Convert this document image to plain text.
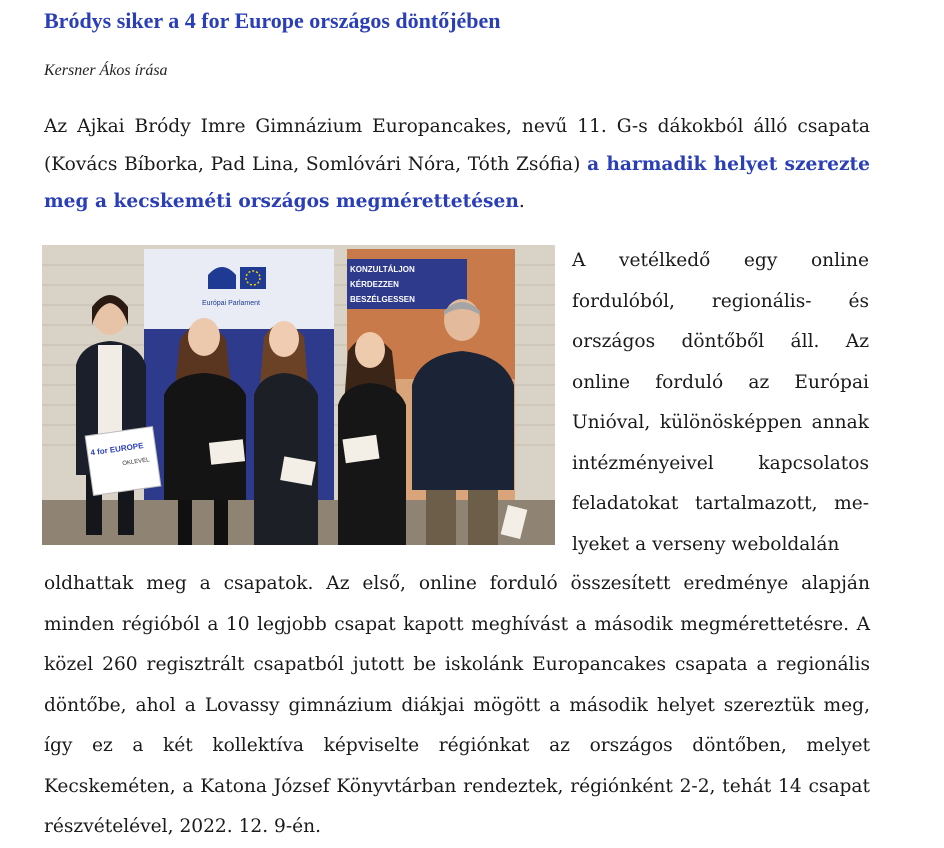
Bródys siker a 4 for Europe országos döntőjében

Kersner Ákos írása

Az Ajkai Bródy Imre Gimnázium Europancakes, nevű 11. G-s dákokból álló csapata (Kovács Bíborka, Pad Lina, Somlóvári Nóra, Tóth Zsófia) a harmadik helyet szerezte meg a kecskeméti országos megmérettetésen.

Európai Parlament
KONZULTÁLJON
KÉRDEZZEN
BESZÉLGESSEN
4 for EUROPE
OKLEVÉL

A vetélkedő egy online fordulóból, regionális- és országos döntőből áll. Az online forduló az Európai Unióval, különösképpen annak intézményeivel kapcsolatos feladatokat tartalmazott, me-lyeket a verseny weboldalán

oldhattak meg a csapatok. Az első, online forduló összesített eredménye alapján minden régióból a 10 legjobb csapat kapott meghívást a második megmérettetésre. A közel 260 regisztrált csapatból jutott be iskolánk Europancakes csapata a regionális döntőbe, ahol a Lovassy gimnázium diákjai mögött a második helyet szereztük meg, így ez a két kollektíva képviselte régiónkat az országos döntőben, melyet Kecskeméten, a Katona József Könyvtárban rendeztek, régiónként 2-2, tehát 14 csapat részvételével, 2022. 12. 9-én.
